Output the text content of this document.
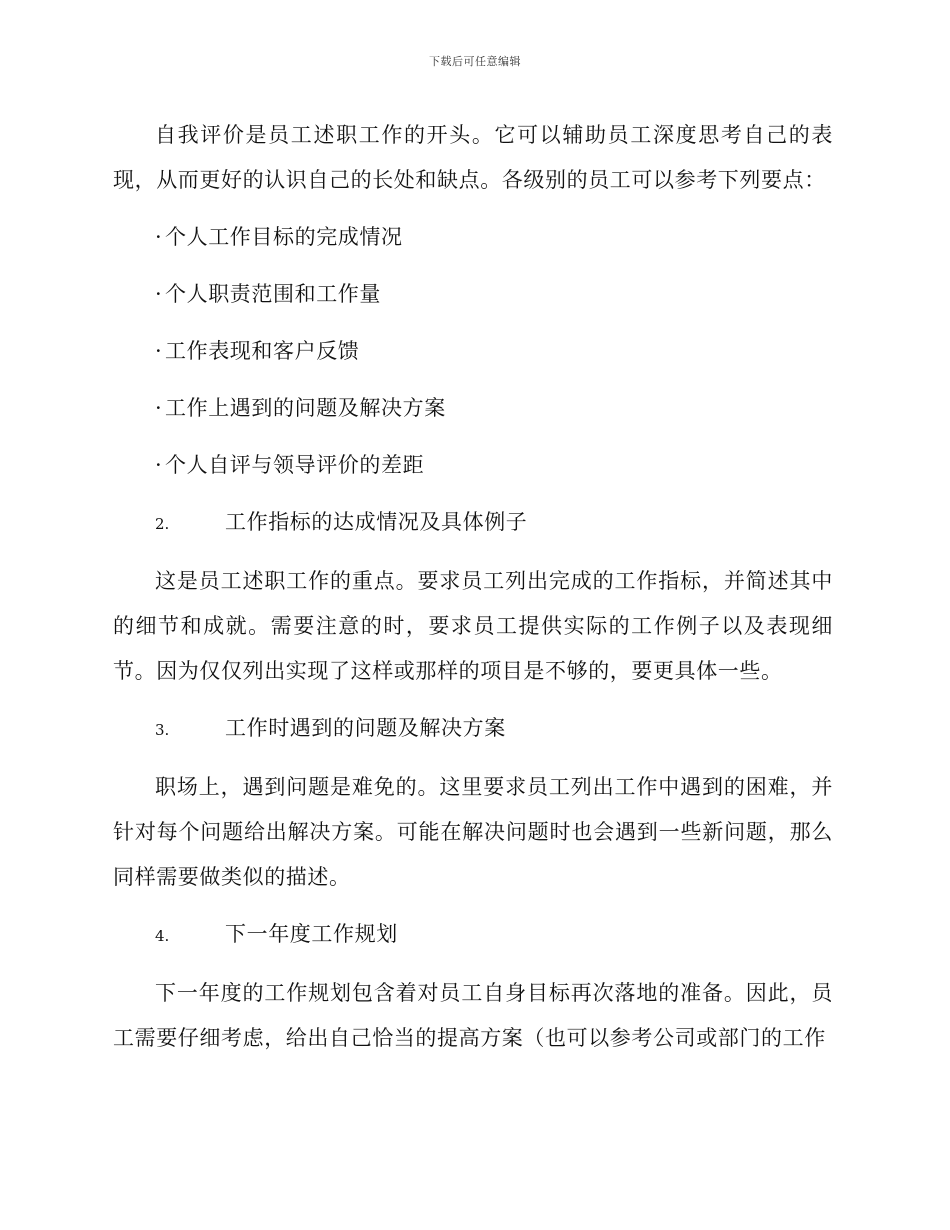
下载后可任意编辑

自我评价是员工述职工作的开头。它可以辅助员工深度思考自己的表现，从而更好的认识自己的长处和缺点。各级别的员工可以参考下列要点：

· 个人工作目标的完成情况
· 个人职责范围和工作量
· 工作表现和客户反馈
· 工作上遇到的问题及解决方案
· 个人自评与领导评价的差距
2.	工作指标的达成情况及具体例子

这是员工述职工作的重点。要求员工列出完成的工作指标，并简述其中的细节和成就。需要注意的时，要求员工提供实际的工作例子以及表现细节。因为仅仅列出实现了这样或那样的项目是不够的，要更具体一些。

3.	工作时遇到的问题及解决方案

职场上，遇到问题是难免的。这里要求员工列出工作中遇到的困难，并针对每个问题给出解决方案。可能在解决问题时也会遇到一些新问题，那么同样需要做类似的描述。

4.	下一年度工作规划

下一年度的工作规划包含着对员工自身目标再次落地的准备。因此，员工需要仔细考虑，给出自己恰当的提高方案（也可以参考公司或部门的工作
